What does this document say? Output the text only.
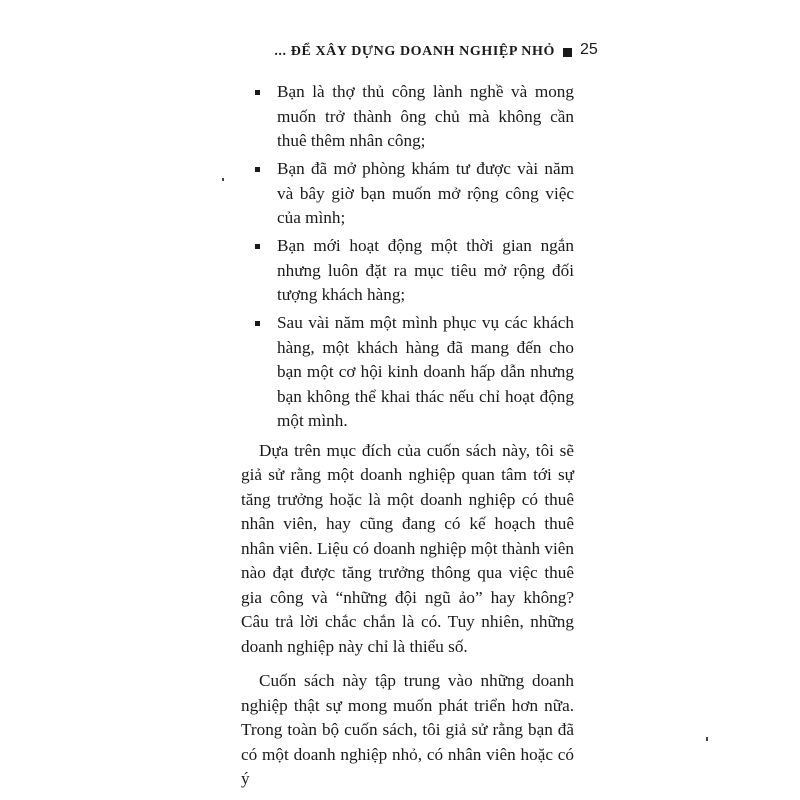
... ĐỂ XÂY DỰNG DOANH NGHIỆP NHỎ 25
Bạn là thợ thủ công lành nghề và mong muốn trở thành ông chủ mà không cần thuê thêm nhân công;
Bạn đã mở phòng khám tư được vài năm và bây giờ bạn muốn mở rộng công việc của mình;
Bạn mới hoạt động một thời gian ngắn nhưng luôn đặt ra mục tiêu mở rộng đối tượng khách hàng;
Sau vài năm một mình phục vụ các khách hàng, một khách hàng đã mang đến cho bạn một cơ hội kinh doanh hấp dẫn nhưng bạn không thể khai thác nếu chỉ hoạt động một mình.

Dựa trên mục đích của cuốn sách này, tôi sẽ giả sử rằng một doanh nghiệp quan tâm tới sự tăng trưởng hoặc là một doanh nghiệp có thuê nhân viên, hay cũng đang có kế hoạch thuê nhân viên. Liệu có doanh nghiệp một thành viên nào đạt được tăng trưởng thông qua việc thuê gia công và “những đội ngũ ảo” hay không? Câu trả lời chắc chắn là có. Tuy nhiên, những doanh nghiệp này chỉ là thiểu số.

Cuốn sách này tập trung vào những doanh nghiệp thật sự mong muốn phát triển hơn nữa. Trong toàn bộ cuốn sách, tôi giả sử rằng bạn đã có một doanh nghiệp nhỏ, có nhân viên hoặc có ý
